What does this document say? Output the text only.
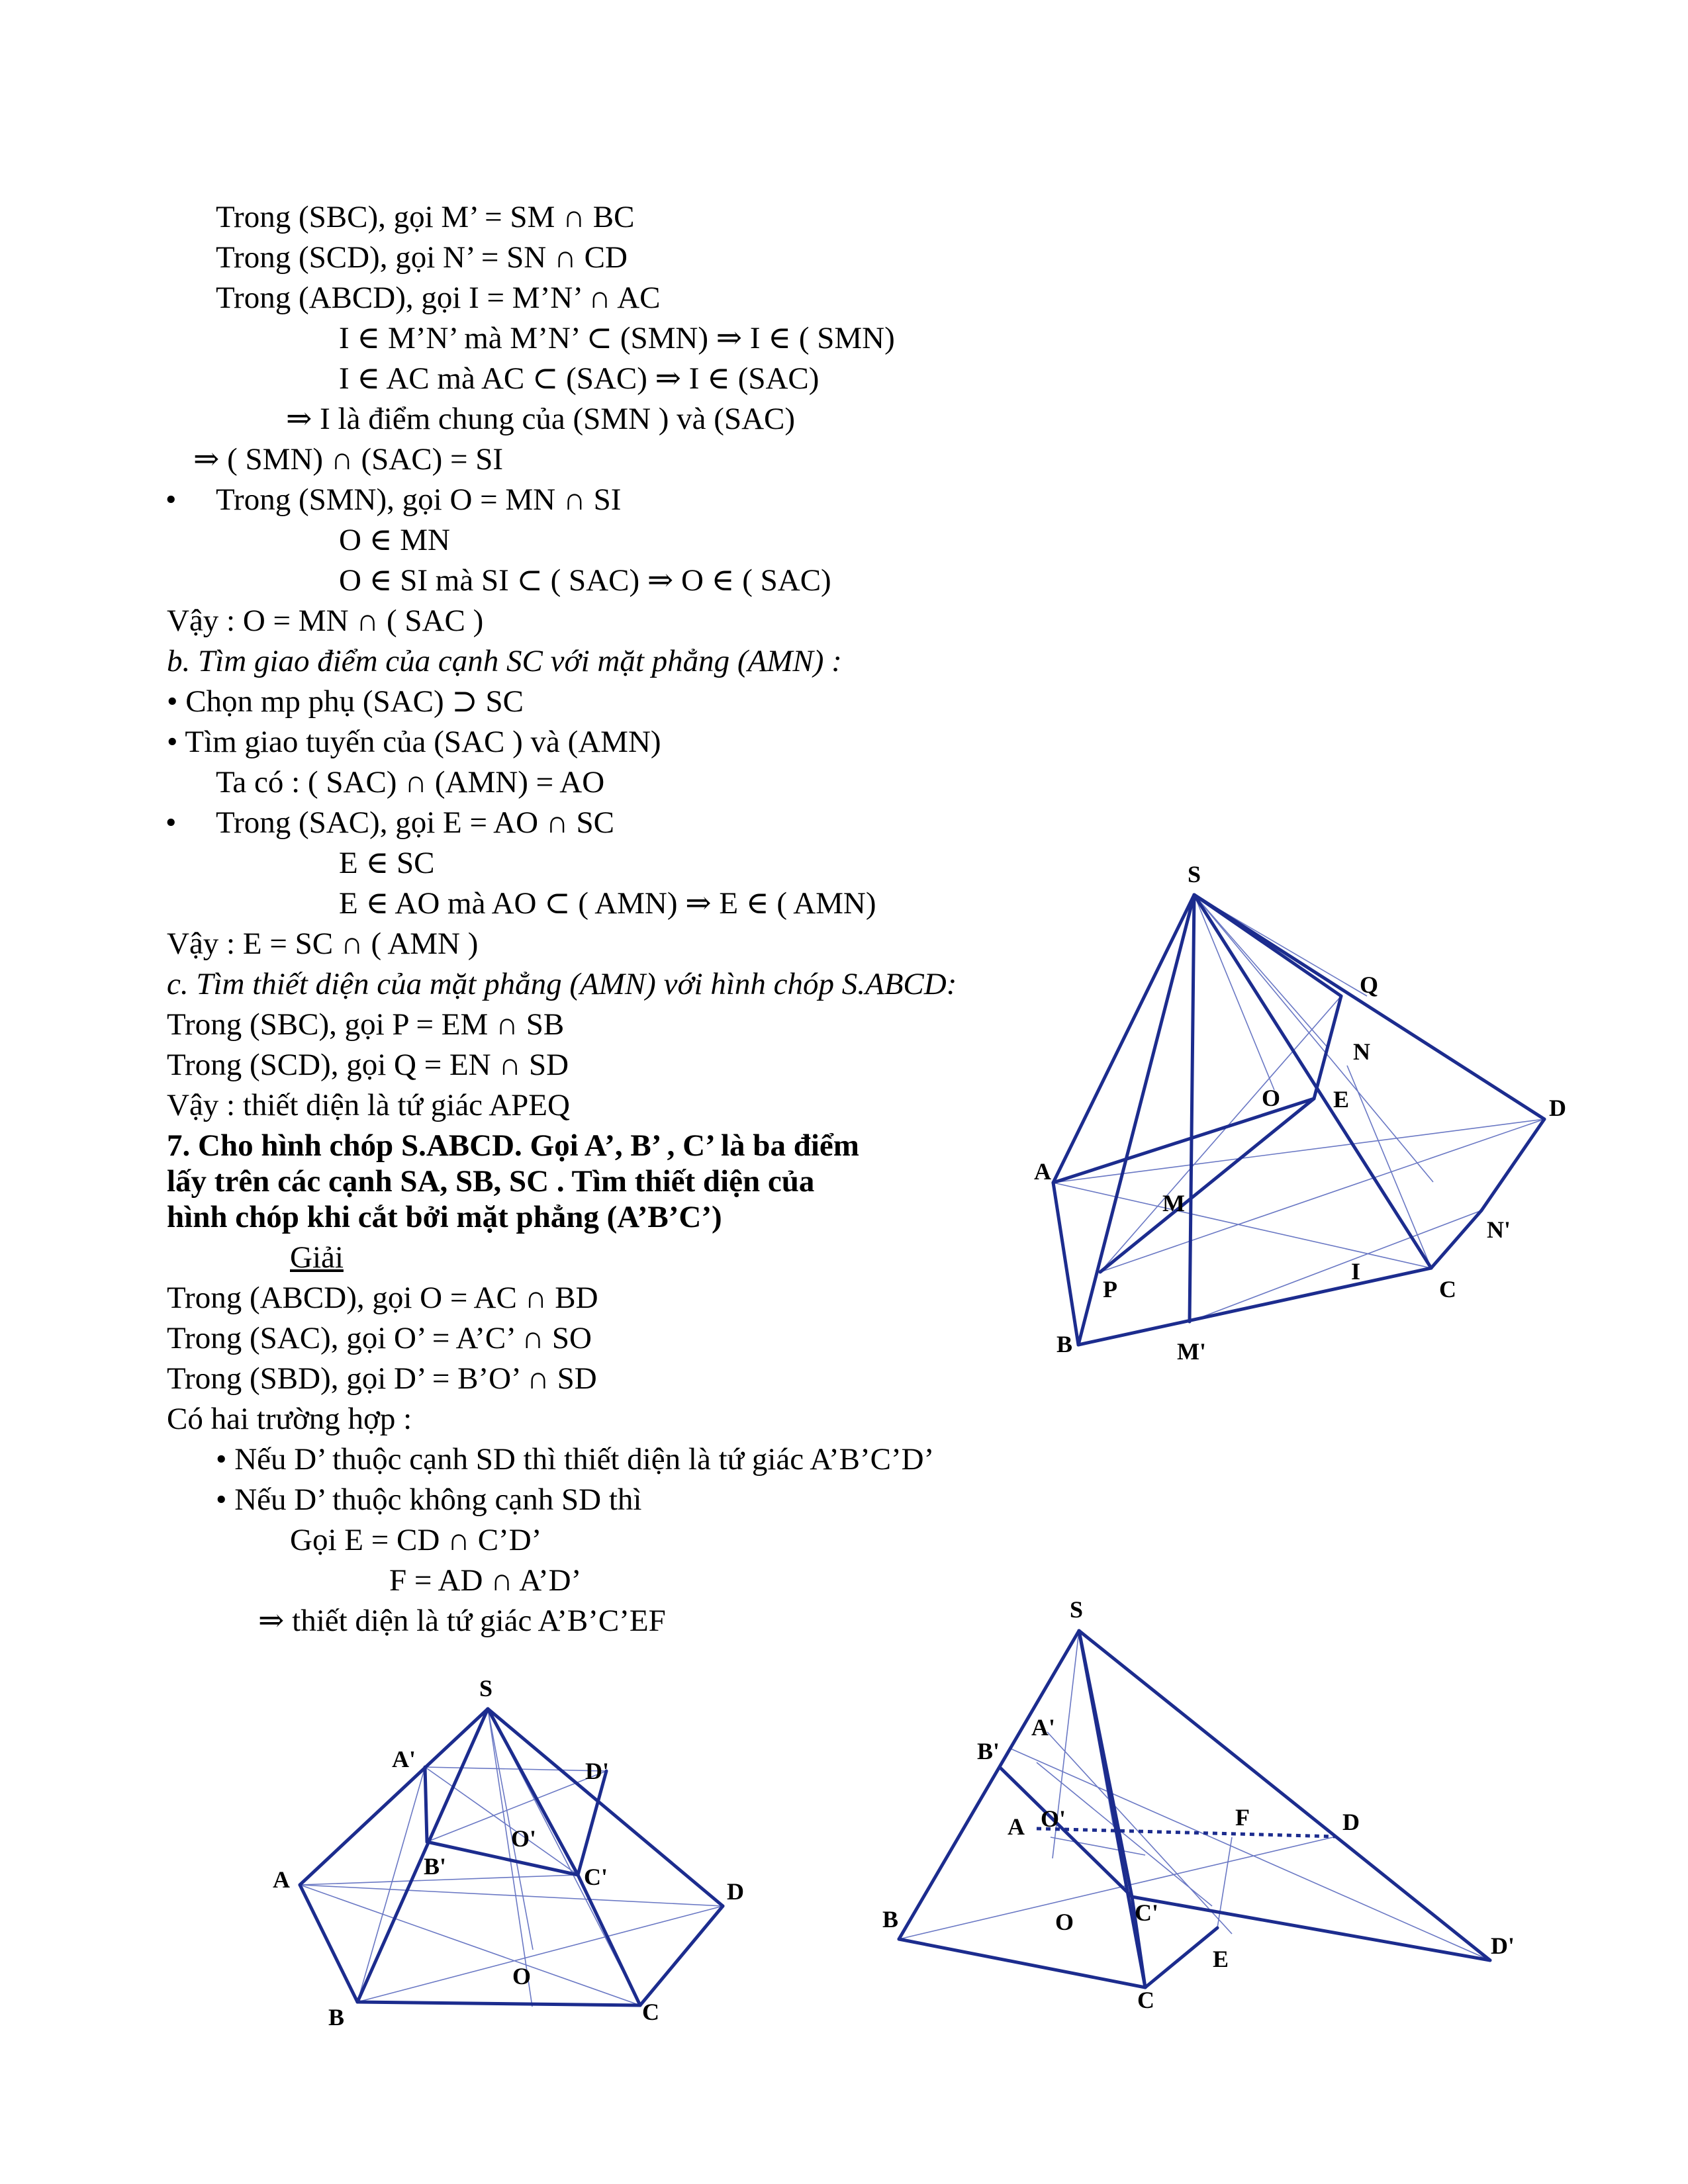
Trong (SBC), gọi M’ = SM ∩ BC
Trong (SCD), gọi N’ = SN ∩ CD
Trong (ABCD), gọi I = M’N’ ∩ AC
I ∈ M’N’ mà M’N’ ⊂ (SMN) ⇒ I ∈ ( SMN)
I ∈ AC mà AC ⊂ (SAC) ⇒ I ∈ (SAC)
⇒ I là điểm chung của (SMN ) và (SAC)
⇒ ( SMN) ∩ (SAC) = SI
• Trong (SMN), gọi O = MN ∩ SI
O ∈ MN
O ∈ SI mà SI ⊂ ( SAC) ⇒ O ∈ ( SAC)
Vậy : O = MN ∩ ( SAC )
b. Tìm giao điểm của cạnh SC với mặt phẳng (AMN) :
• Chọn mp phụ (SAC) ⊃ SC
• Tìm giao tuyến của (SAC ) và (AMN)
Ta có : ( SAC) ∩ (AMN) = AO
• Trong (SAC), gọi E = AO ∩ SC
E ∈ SC
E ∈ AO mà AO ⊂ ( AMN) ⇒ E ∈ ( AMN)
Vậy : E = SC ∩ ( AMN )
c. Tìm thiết diện của mặt phẳng (AMN) với hình chóp S.ABCD:
Trong (SBC), gọi P = EM ∩ SB
Trong (SCD), gọi Q = EN ∩ SD
Vậy : thiết diện là tứ giác APEQ
7. Cho hình chóp S.ABCD. Gọi A’, B’ , C’ là ba điểm
lấy trên các cạnh SA, SB, SC . Tìm thiết diện của
hình chóp khi cắt bởi mặt phẳng (A’B’C’)
Giải
Trong (ABCD), gọi O = AC ∩ BD
Trong (SAC), gọi O’ = A’C’ ∩ SO
Trong (SBD), gọi D’ = B’O’ ∩ SD
Có hai trường hợp :
• Nếu D’ thuộc cạnh SD thì thiết diện là tứ giác A’B’C’D’
• Nếu D’ thuộc không cạnh SD thì
Gọi E = CD ∩ C’D’
F = AD ∩ A’D’
⇒ thiết diện là tứ giác A’B’C’EF
S
Q
N
O E	D
A
M
N'
I
P	C
B	M'
S
A'	D'
O'
A	B'	C'
D
O
B	C
S
A'
B'
A O'	F	D
B	O	C'
E	D'
C
